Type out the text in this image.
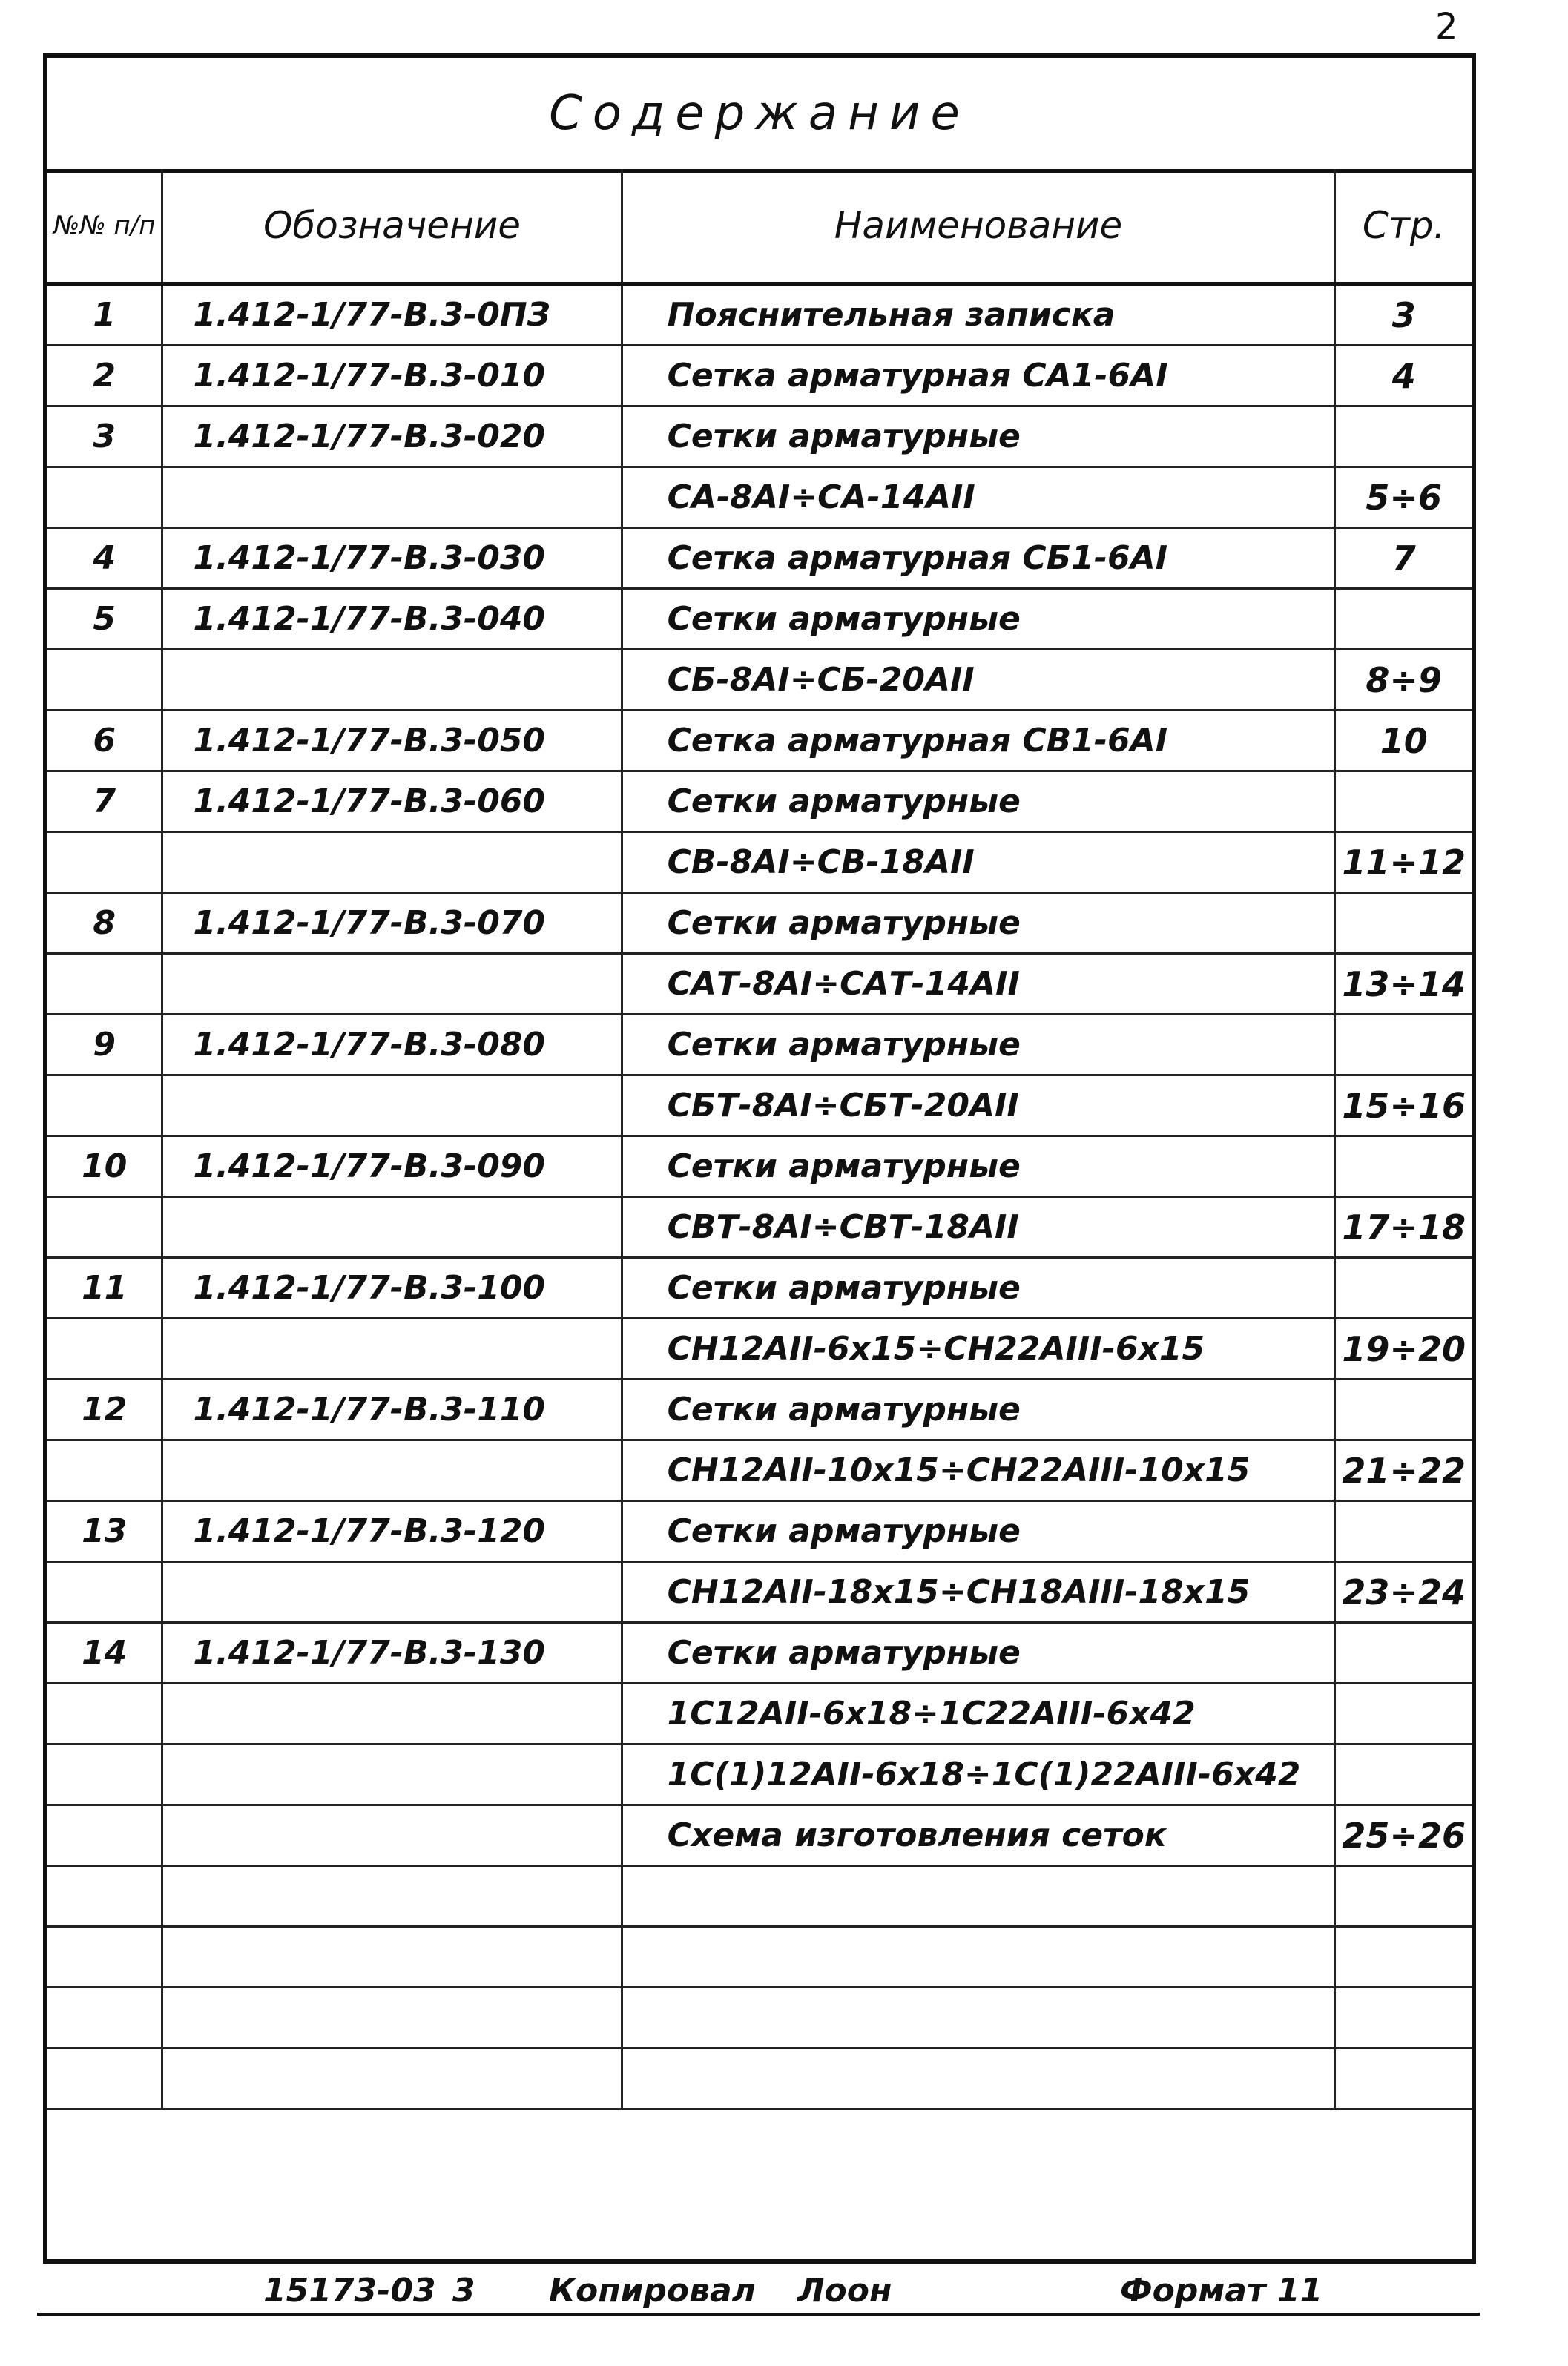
2
Содержание
№№ п/п	Обозначение	Наименование	Стр.
1	1.412-1/77-В.3-0ПЗ	Пояснительная записка	3
2	1.412-1/77-В.3-010	Сетка арматурная СА1-6АI	4
3	1.412-1/77-В.3-020	Сетки арматурные	
		СА-8АI÷СА-14АII	5÷6
4	1.412-1/77-В.3-030	Сетка арматурная СБ1-6АI	7
5	1.412-1/77-В.3-040	Сетки арматурные	
		СБ-8АI÷СБ-20АII	8÷9
6	1.412-1/77-В.3-050	Сетка арматурная СВ1-6АI	10
7	1.412-1/77-В.3-060	Сетки арматурные	
		СВ-8АI÷СВ-18АII	11÷12
8	1.412-1/77-В.3-070	Сетки арматурные	
		САТ-8АI÷САТ-14АII	13÷14
9	1.412-1/77-В.3-080	Сетки арматурные	
		СБТ-8АI÷СБТ-20АII	15÷16
10	1.412-1/77-В.3-090	Сетки арматурные	
		СВТ-8АI÷СВТ-18АII	17÷18
11	1.412-1/77-В.3-100	Сетки арматурные	
		СН12АII-6х15÷СН22АIII-6х15	19÷20
12	1.412-1/77-В.3-110	Сетки арматурные	
		СН12АII-10х15÷СН22АIII-10х15	21÷22
13	1.412-1/77-В.3-120	Сетки арматурные	
		СН12АII-18х15÷СН18АIII-18х15	23÷24
14	1.412-1/77-В.3-130	Сетки арматурные	
		1С12АII-6х18÷1С22АIII-6х42	
		1С(1)12АII-6х18÷1С(1)22АIII-6х42	
		Схема изготовления сеток	25÷26

15173-03 3 Копировал Лоон	Формат 11
